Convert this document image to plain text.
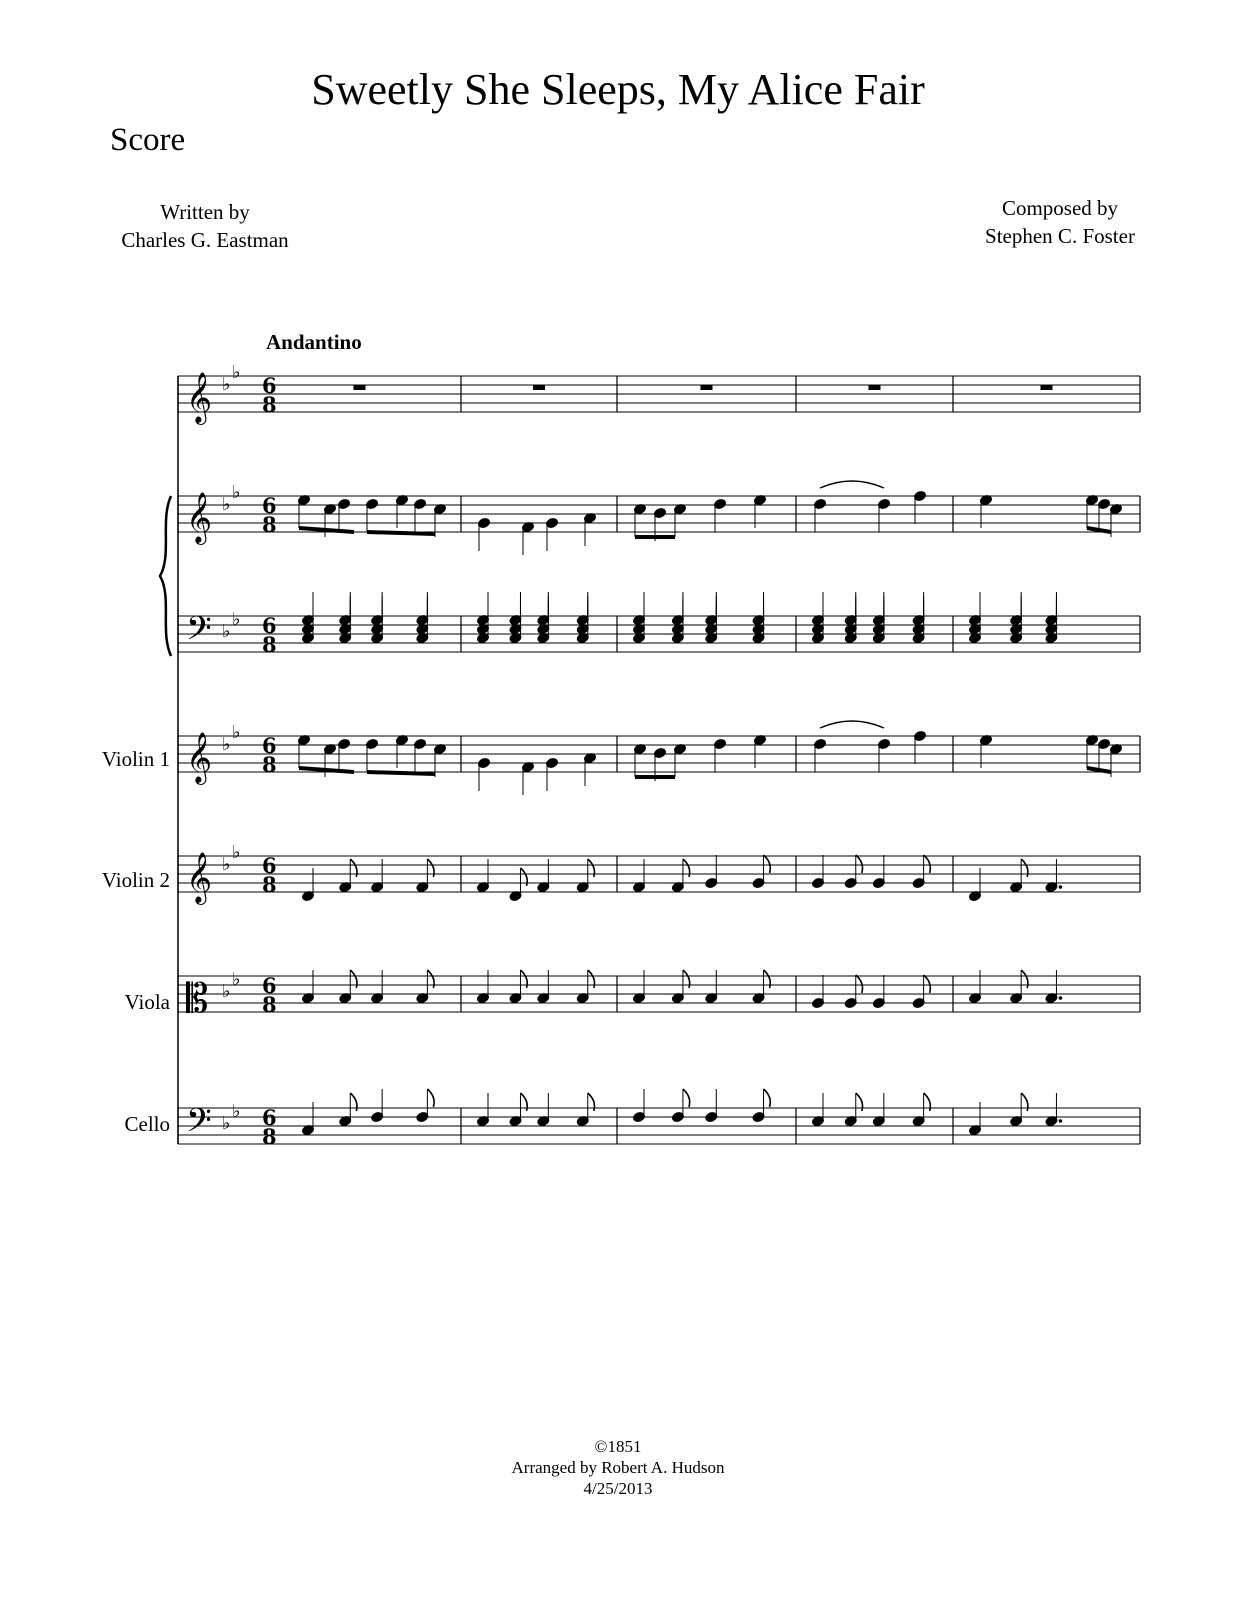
Sweetly She Sleeps, My Alice Fair
Score
Written by
Charles G. Eastman
Composed by
Stephen C. Foster
Andantino
Violin 1
Violin 2
Viola
Cello
𝄞 ♭
♭
6
8
𝄞 ♭
♭
6
8
𝄢 ♭
♭ 6
8
𝄞 ♭
♭
6
8
𝄞 ♭
♭
6
8
𝄡 ♭
♭ 6
8
𝄢 ♭
♭ 6
8
©1851
Arranged by Robert A. Hudson
4/25/2013
